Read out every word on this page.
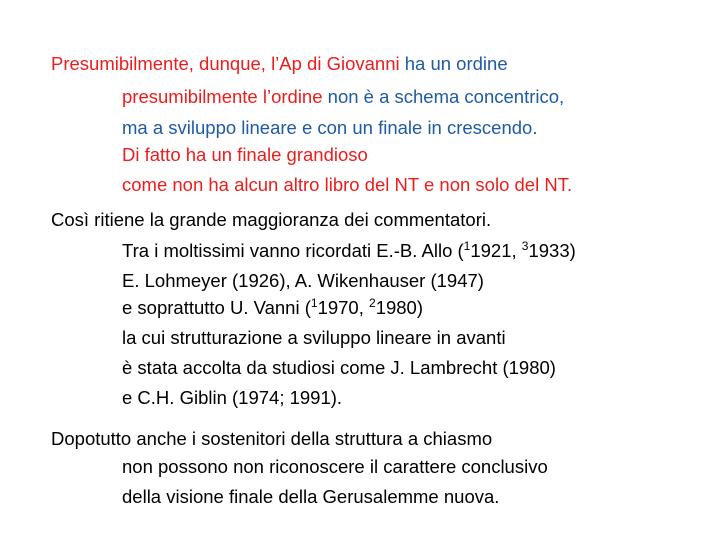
Presumibilmente, dunque, l’Ap di Giovanni ha un ordine
presumibilmente l’ordine non è a schema concentrico,
ma a sviluppo lineare e con un finale in crescendo.
Di fatto ha un finale grandioso
come non ha alcun altro libro del NT e non solo del NT.
Così ritiene la grande maggioranza dei commentatori.
Tra i moltissimi vanno ricordati E.-B. Allo ($^1$1921, $^3$1933)
E. Lohmeyer (1926), A. Wikenhauser (1947)
e soprattutto U. Vanni ($^1$1970, $^2$1980)
la cui strutturazione a sviluppo lineare in avanti
è stata accolta da studiosi come J. Lambrecht (1980)
e C.H. Giblin (1974; 1991).
Dopotutto anche i sostenitori della struttura a chiasmo
non possono non riconoscere il carattere conclusivo
della visione finale della Gerusalemme nuova.
